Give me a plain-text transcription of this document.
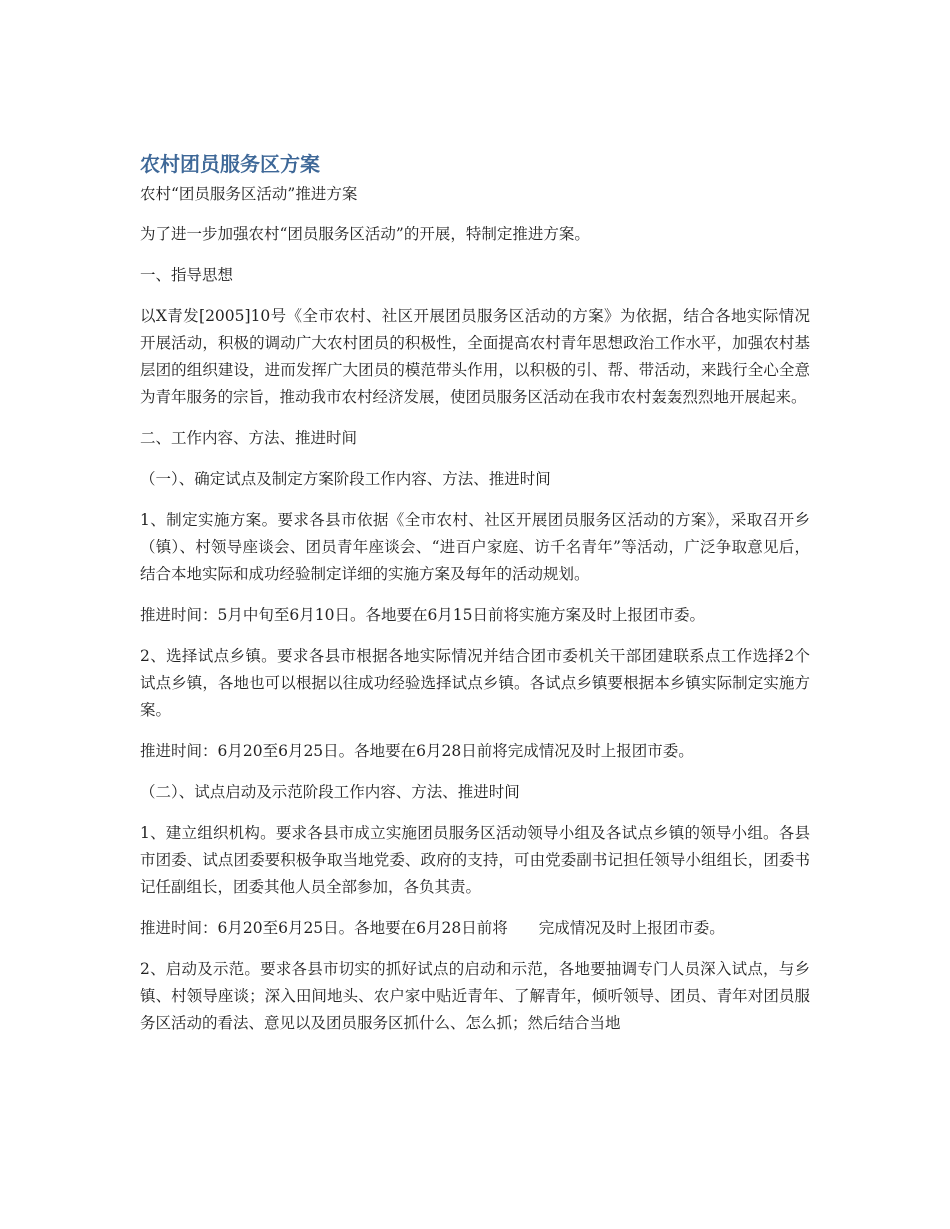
农村团员服务区方案

农村“团员服务区活动”推进方案

为了进一步加强农村“团员服务区活动”的开展，特制定推进方案。

一、指导思想

以X青发[2005]10号《全市农村、社区开展团员服务区活动的方案》为依据，结合各地实际情况开展活动，积极的调动广大农村团员的积极性，全面提高农村青年思想政治工作水平，加强农村基层团的组织建设，进而发挥广大团员的模范带头作用，以积极的引、帮、带活动，来践行全心全意为青年服务的宗旨，推动我市农村经济发展，使团员服务区活动在我市农村轰轰烈烈地开展起来。

二、工作内容、方法、推进时间

（一）、确定试点及制定方案阶段工作内容、方法、推进时间

1、制定实施方案。要求各县市依据《全市农村、社区开展团员服务区活动的方案》，采取召开乡（镇）、村领导座谈会、团员青年座谈会、“进百户家庭、访千名青年”等活动，广泛争取意见后，结合本地实际和成功经验制定详细的实施方案及每年的活动规划。

推进时间：5月中旬至6月10日。各地要在6月15日前将实施方案及时上报团市委。

2、选择试点乡镇。要求各县市根据各地实际情况并结合团市委机关干部团建联系点工作选择2个试点乡镇，各地也可以根据以往成功经验选择试点乡镇。各试点乡镇要根据本乡镇实际制定实施方案。

推进时间：6月20至6月25日。各地要在6月28日前将完成情况及时上报团市委。

（二）、试点启动及示范阶段工作内容、方法、推进时间

1、建立组织机构。要求各县市成立实施团员服务区活动领导小组及各试点乡镇的领导小组。各县市团委、试点团委要积极争取当地党委、政府的支持，可由党委副书记担任领导小组组长，团委书记任副组长，团委其他人员全部参加，各负其责。

推进时间：6月20至6月25日。各地要在6月28日前将　　完成情况及时上报团市委。

2、启动及示范。要求各县市切实的抓好试点的启动和示范，各地要抽调专门人员深入试点，与乡镇、村领导座谈；深入田间地头、农户家中贴近青年、了解青年，倾听领导、团员、青年对团员服务区活动的看法、意见以及团员服务区抓什么、怎么抓；然后结合当地
